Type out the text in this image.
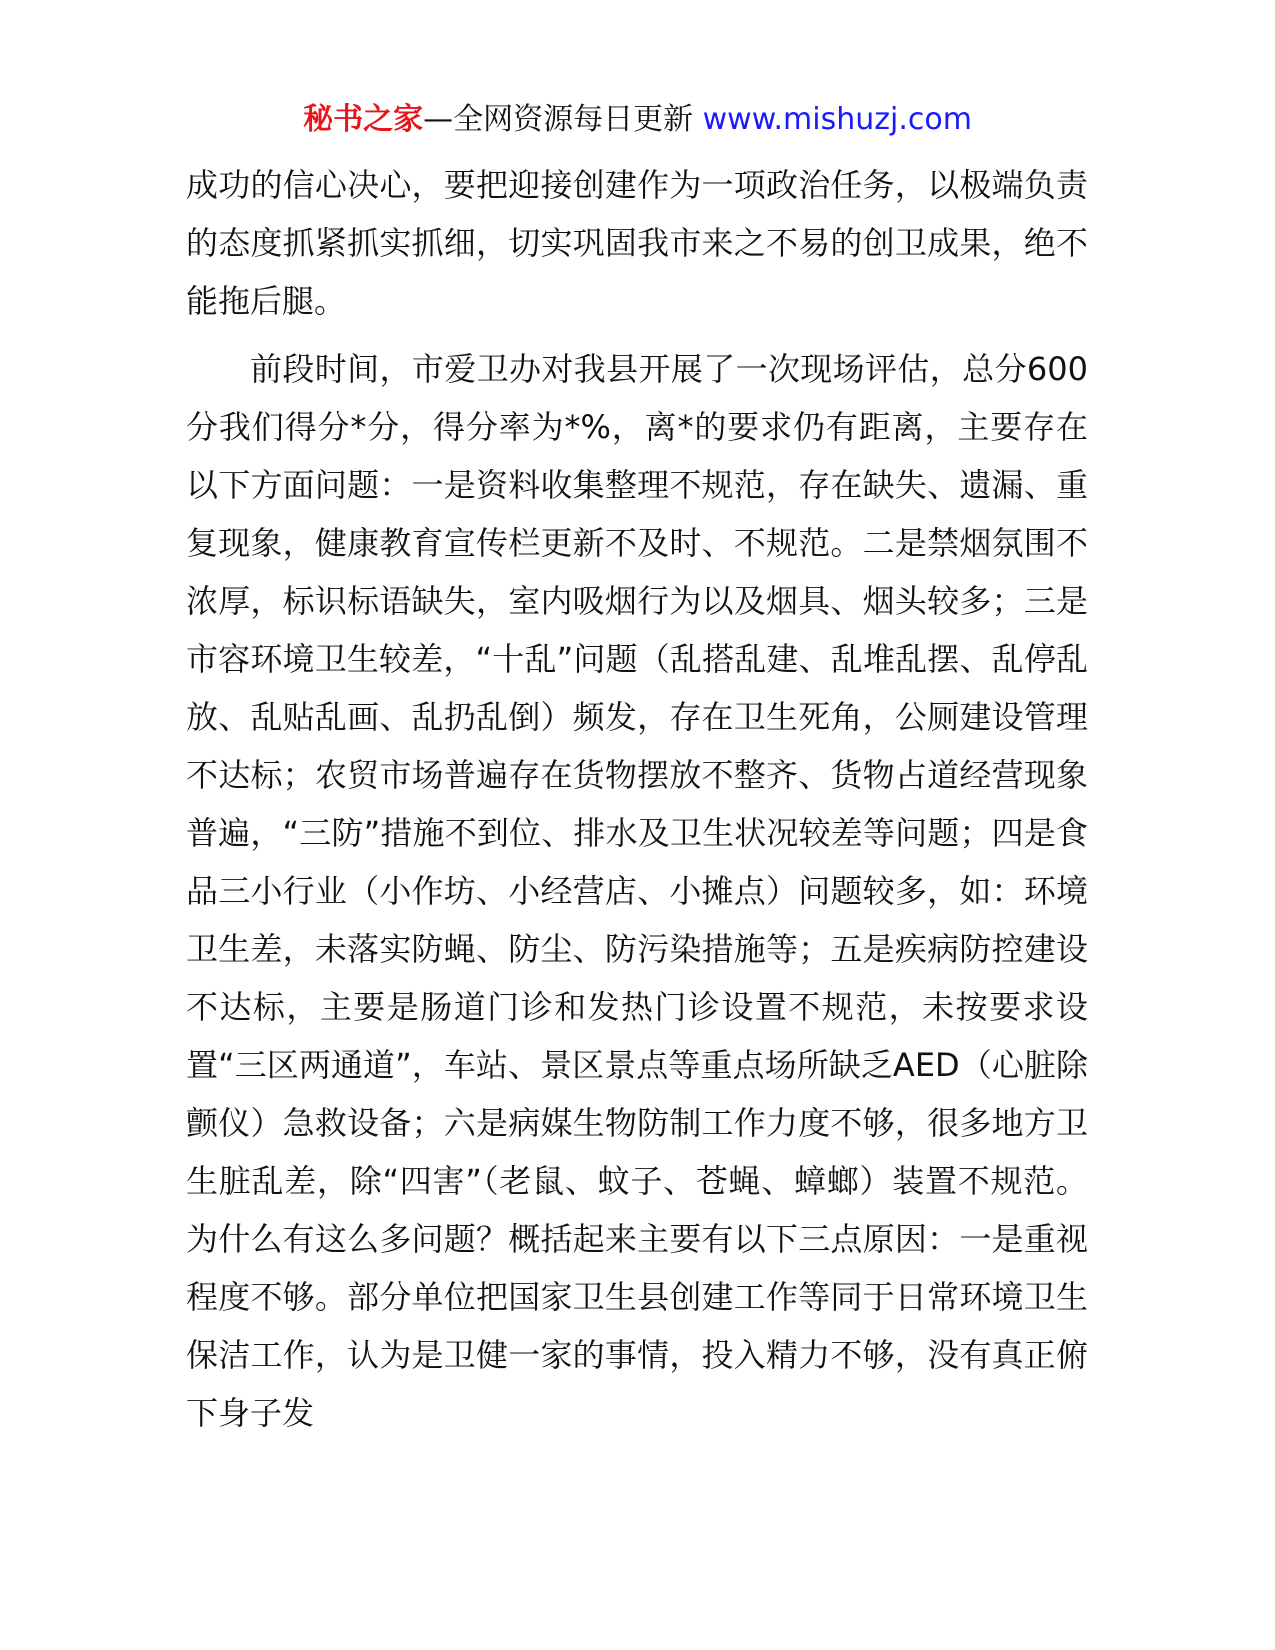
秘书之家—全网资源每日更新 www.mishuzj.com

成功的信心决心，要把迎接创建作为一项政治任务，以极端负责的态度抓紧抓实抓细，切实巩固我市来之不易的创卫成果，绝不能拖后腿。

前段时间，市爱卫办对我县开展了一次现场评估，总分600分我们得分*分，得分率为*%，离*的要求仍有距离，主要存在以下方面问题：一是资料收集整理不规范，存在缺失、遗漏、重复现象，健康教育宣传栏更新不及时、不规范。二是禁烟氛围不浓厚，标识标语缺失，室内吸烟行为以及烟具、烟头较多；三是市容环境卫生较差，“十乱”问题（乱搭乱建、乱堆乱摆、乱停乱放、乱贴乱画、乱扔乱倒）频发，存在卫生死角，公厕建设管理不达标；农贸市场普遍存在货物摆放不整齐、货物占道经营现象普遍，“三防”措施不到位、排水及卫生状况较差等问题；四是食品三小行业（小作坊、小经营店、小摊点）问题较多，如：环境卫生差，未落实防蝇、防尘、防污染措施等；五是疾病防控建设不达标，主要是肠道门诊和发热门诊设置不规范，未按要求设置“三区两通道”，车站、景区景点等重点场所缺乏AED（心脏除颤仪）急救设备；六是病媒生物防制工作力度不够，很多地方卫生脏乱差，除“四害”（老鼠、蚊子、苍蝇、蟑螂）装置不规范。为什么有这么多问题？概括起来主要有以下三点原因：一是重视程度不够。部分单位把国家卫生县创建工作等同于日常环境卫生保洁工作，认为是卫健一家的事情，投入精力不够，没有真正俯下身子发
